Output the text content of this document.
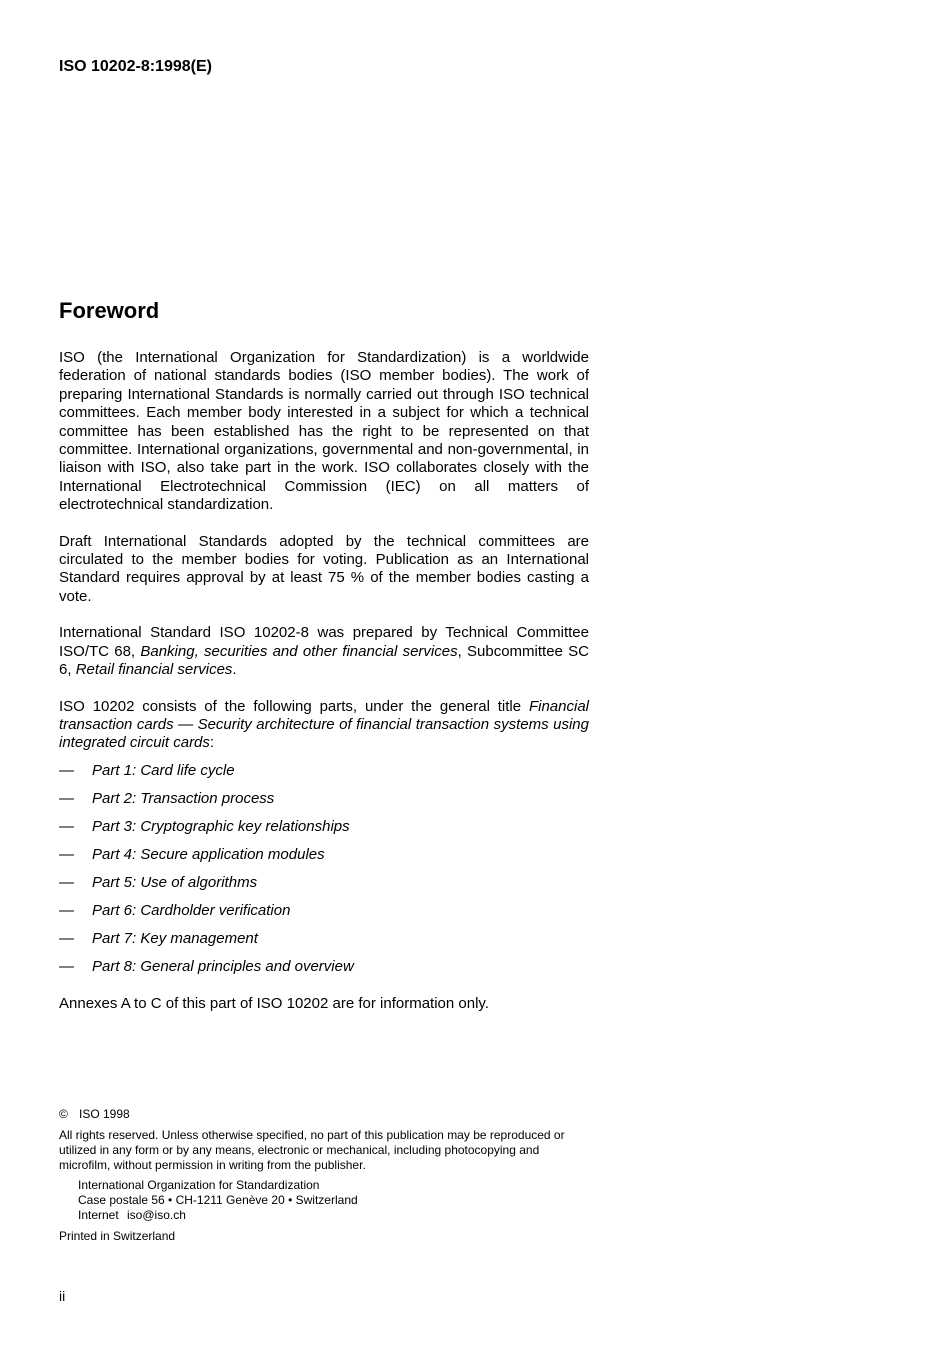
ISO 10202-8:1998(E)
Foreword

ISO (the International Organization for Standardization) is a worldwide federation of national standards bodies (ISO member bodies). The work of preparing International Standards is normally carried out through ISO technical committees. Each member body interested in a subject for which a technical committee has been established has the right to be represented on that committee. International organizations, governmental and non-governmental, in liaison with ISO, also take part in the work. ISO collaborates closely with the International Electrotechnical Commission (IEC) on all matters of electrotechnical standardization.

Draft International Standards adopted by the technical committees are circulated to the member bodies for voting. Publication as an International Standard requires approval by at least 75 % of the member bodies casting a vote.

International Standard ISO 10202-8 was prepared by Technical Committee ISO/TC 68, Banking, securities and other financial services, Subcommittee SC 6, Retail financial services.

ISO 10202 consists of the following parts, under the general title Financial transaction cards — Security architecture of financial transaction systems using integrated circuit cards:

—	Part 1: Card life cycle
—	Part 2: Transaction process
—	Part 3: Cryptographic key relationships
—	Part 4: Secure application modules
—	Part 5: Use of algorithms
—	Part 6: Cardholder verification
—	Part 7: Key management
—	Part 8: General principles and overview

Annexes A to C of this part of ISO 10202 are for information only.

© ISO 1998
All rights reserved. Unless otherwise specified, no part of this publication may be reproduced or utilized in any form or by any means, electronic or mechanical, including photocopying and microfilm, without permission in writing from the publisher.
International Organization for Standardization
Case postale 56 • CH-1211 Genève 20 • Switzerland
Internet iso@iso.ch
Printed in Switzerland
ii
